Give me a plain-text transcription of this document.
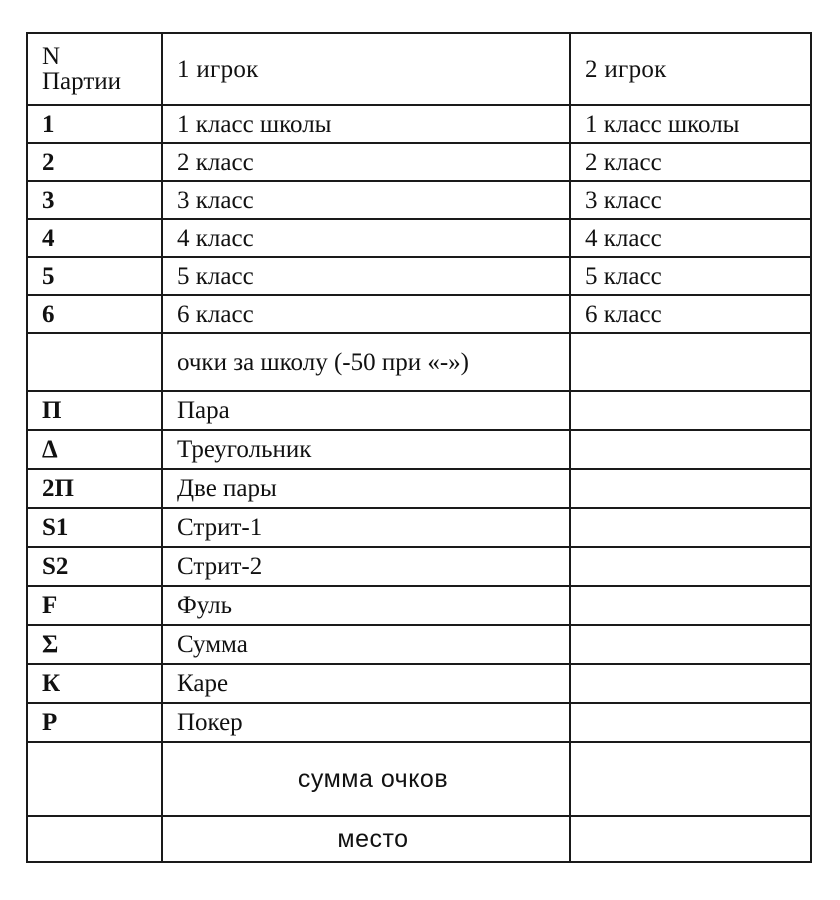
N
Партии	1 игрок	2 игрок
1	1 класс школы	1 класс школы
2	2 класс	2 класс
3	3 класс	3 класс
4	4 класс	4 класс
5	5 класс	5 класс
6	6 класс	6 класс
	очки за школу (-50 при «-»)	
П	Пара	
Δ	Треугольник	
2П	Две пары	
S1	Стрит-1	
S2	Стрит-2	
F	Фуль	
Σ	Сумма	
К	Каре	
P	Покер	
	сумма очков	
	место	
